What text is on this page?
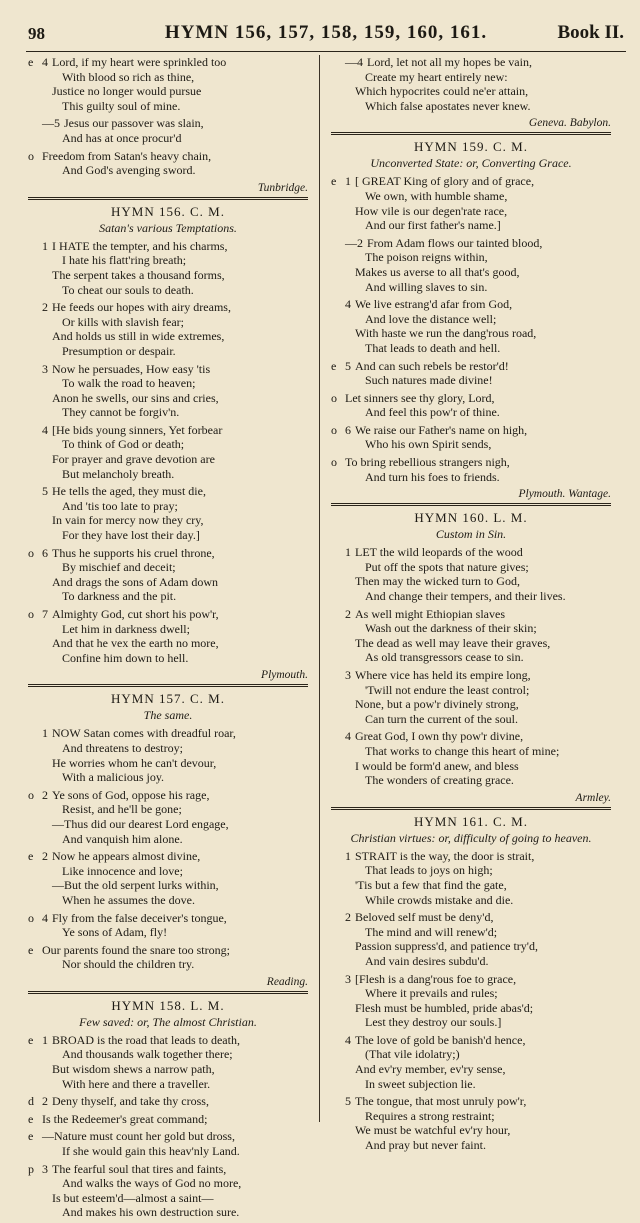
98	HYMN 156, 157, 158, 159, 160, 161.	Book II.
e 4 Lord, if my heart were sprinkled too
With blood so rich as thine,
Justice no longer would pursue
This guilty soul of mine.
—5 Jesus our passover was slain,
And has at once procur'd
o Freedom from Satan's heavy chain,
And God's avenging sword.
Tunbridge.
HYMN 156. C. M.
Satan's various Temptations.
1 I HATE the tempter, and his charms,
I hate his flatt'ring breath;
The serpent takes a thousand forms,
To cheat our souls to death.
2 He feeds our hopes with airy dreams,
Or kills with slavish fear;
And holds us still in wide extremes,
Presumption or despair.
3 Now he persuades, How easy 'tis
To walk the road to heaven;
Anon he swells, our sins and cries,
They cannot be forgiv'n.
4 [He bids young sinners, Yet forbear
To think of God or death;
For prayer and grave devotion are
But melancholy breath.
5 He tells the aged, they must die,
And 'tis too late to pray;
In vain for mercy now they cry,
For they have lost their day.]
o 6 Thus he supports his cruel throne,
By mischief and deceit;
And drags the sons of Adam down
To darkness and the pit.
o 7 Almighty God, cut short his pow'r,
Let him in darkness dwell;
And that he vex the earth no more,
Confine him down to hell.
Plymouth.
HYMN 157. C. M.
The same.
1 NOW Satan comes with dreadful roar,
And threatens to destroy;
He worries whom he can't devour,
With a malicious joy.
o 2 Ye sons of God, oppose his rage,
Resist, and he'll be gone;
—Thus did our dearest Lord engage,
And vanquish him alone.
e 2 Now he appears almost divine,
Like innocence and love;
—But the old serpent lurks within,
When he assumes the dove.
o 4 Fly from the false deceiver's tongue,
Ye sons of Adam, fly!
e Our parents found the snare too strong;
Nor should the children try.
Reading.
HYMN 158. L. M.
Few saved: or, The almost Christian.
e 1 BROAD is the road that leads to death,
And thousands walk together there;
But wisdom shews a narrow path,
With here and there a traveller.
d 2 Deny thyself, and take thy cross,
e Is the Redeemer's great command;
e —Nature must count her gold but dross,
If she would gain this heav'nly Land.
p 3 The fearful soul that tires and faints,
And walks the ways of God no more,
Is but esteem'd—almost a saint—
And makes his own destruction sure.
—4 Lord, let not all my hopes be vain,
Create my heart entirely new:
Which hypocrites could ne'er attain,
Which false apostates never knew.
Geneva. Babylon.
HYMN 159. C. M.
Unconverted State: or, Converting Grace.
e 1 [ GREAT King of glory and of grace,
We own, with humble shame,
How vile is our degen'rate race,
And our first father's name.]
—2 From Adam flows our tainted blood,
The poison reigns within,
Makes us averse to all that's good,
And willing slaves to sin.
4 We live estrang'd afar from God,
And love the distance well;
With haste we run the dang'rous road,
That leads to death and hell.
e 5 And can such rebels be restor'd!
Such natures made divine!
o Let sinners see thy glory, Lord,
And feel this pow'r of thine.
o 6 We raise our Father's name on high,
Who his own Spirit sends,
o To bring rebellious strangers nigh,
And turn his foes to friends.
Plymouth. Wantage.
HYMN 160. L. M.
Custom in Sin.
1 LET the wild leopards of the wood
Put off the spots that nature gives;
Then may the wicked turn to God,
And change their tempers, and their lives.
2 As well might Ethiopian slaves
Wash out the darkness of their skin;
The dead as well may leave their graves,
As old transgressors cease to sin.
3 Where vice has held its empire long,
'Twill not endure the least control;
None, but a pow'r divinely strong,
Can turn the current of the soul.
4 Great God, I own thy pow'r divine,
That works to change this heart of mine;
I would be form'd anew, and bless
The wonders of creating grace.
Armley.
HYMN 161. C. M.
Christian virtues: or, difficulty of going to heaven.
1 STRAIT is the way, the door is strait,
That leads to joys on high;
'Tis but a few that find the gate,
While crowds mistake and die.
2 Beloved self must be deny'd,
The mind and will renew'd;
Passion suppress'd, and patience try'd,
And vain desires subdu'd.
3 [Flesh is a dang'rous foe to grace,
Where it prevails and rules;
Flesh must be humbled, pride abas'd;
Lest they destroy our souls.]
4 The love of gold be banish'd hence,
(That vile idolatry;)
And ev'ry member, ev'ry sense,
In sweet subjection lie.
5 The tongue, that most unruly pow'r,
Requires a strong restraint;
We must be watchful ev'ry hour,
And pray but never faint.
